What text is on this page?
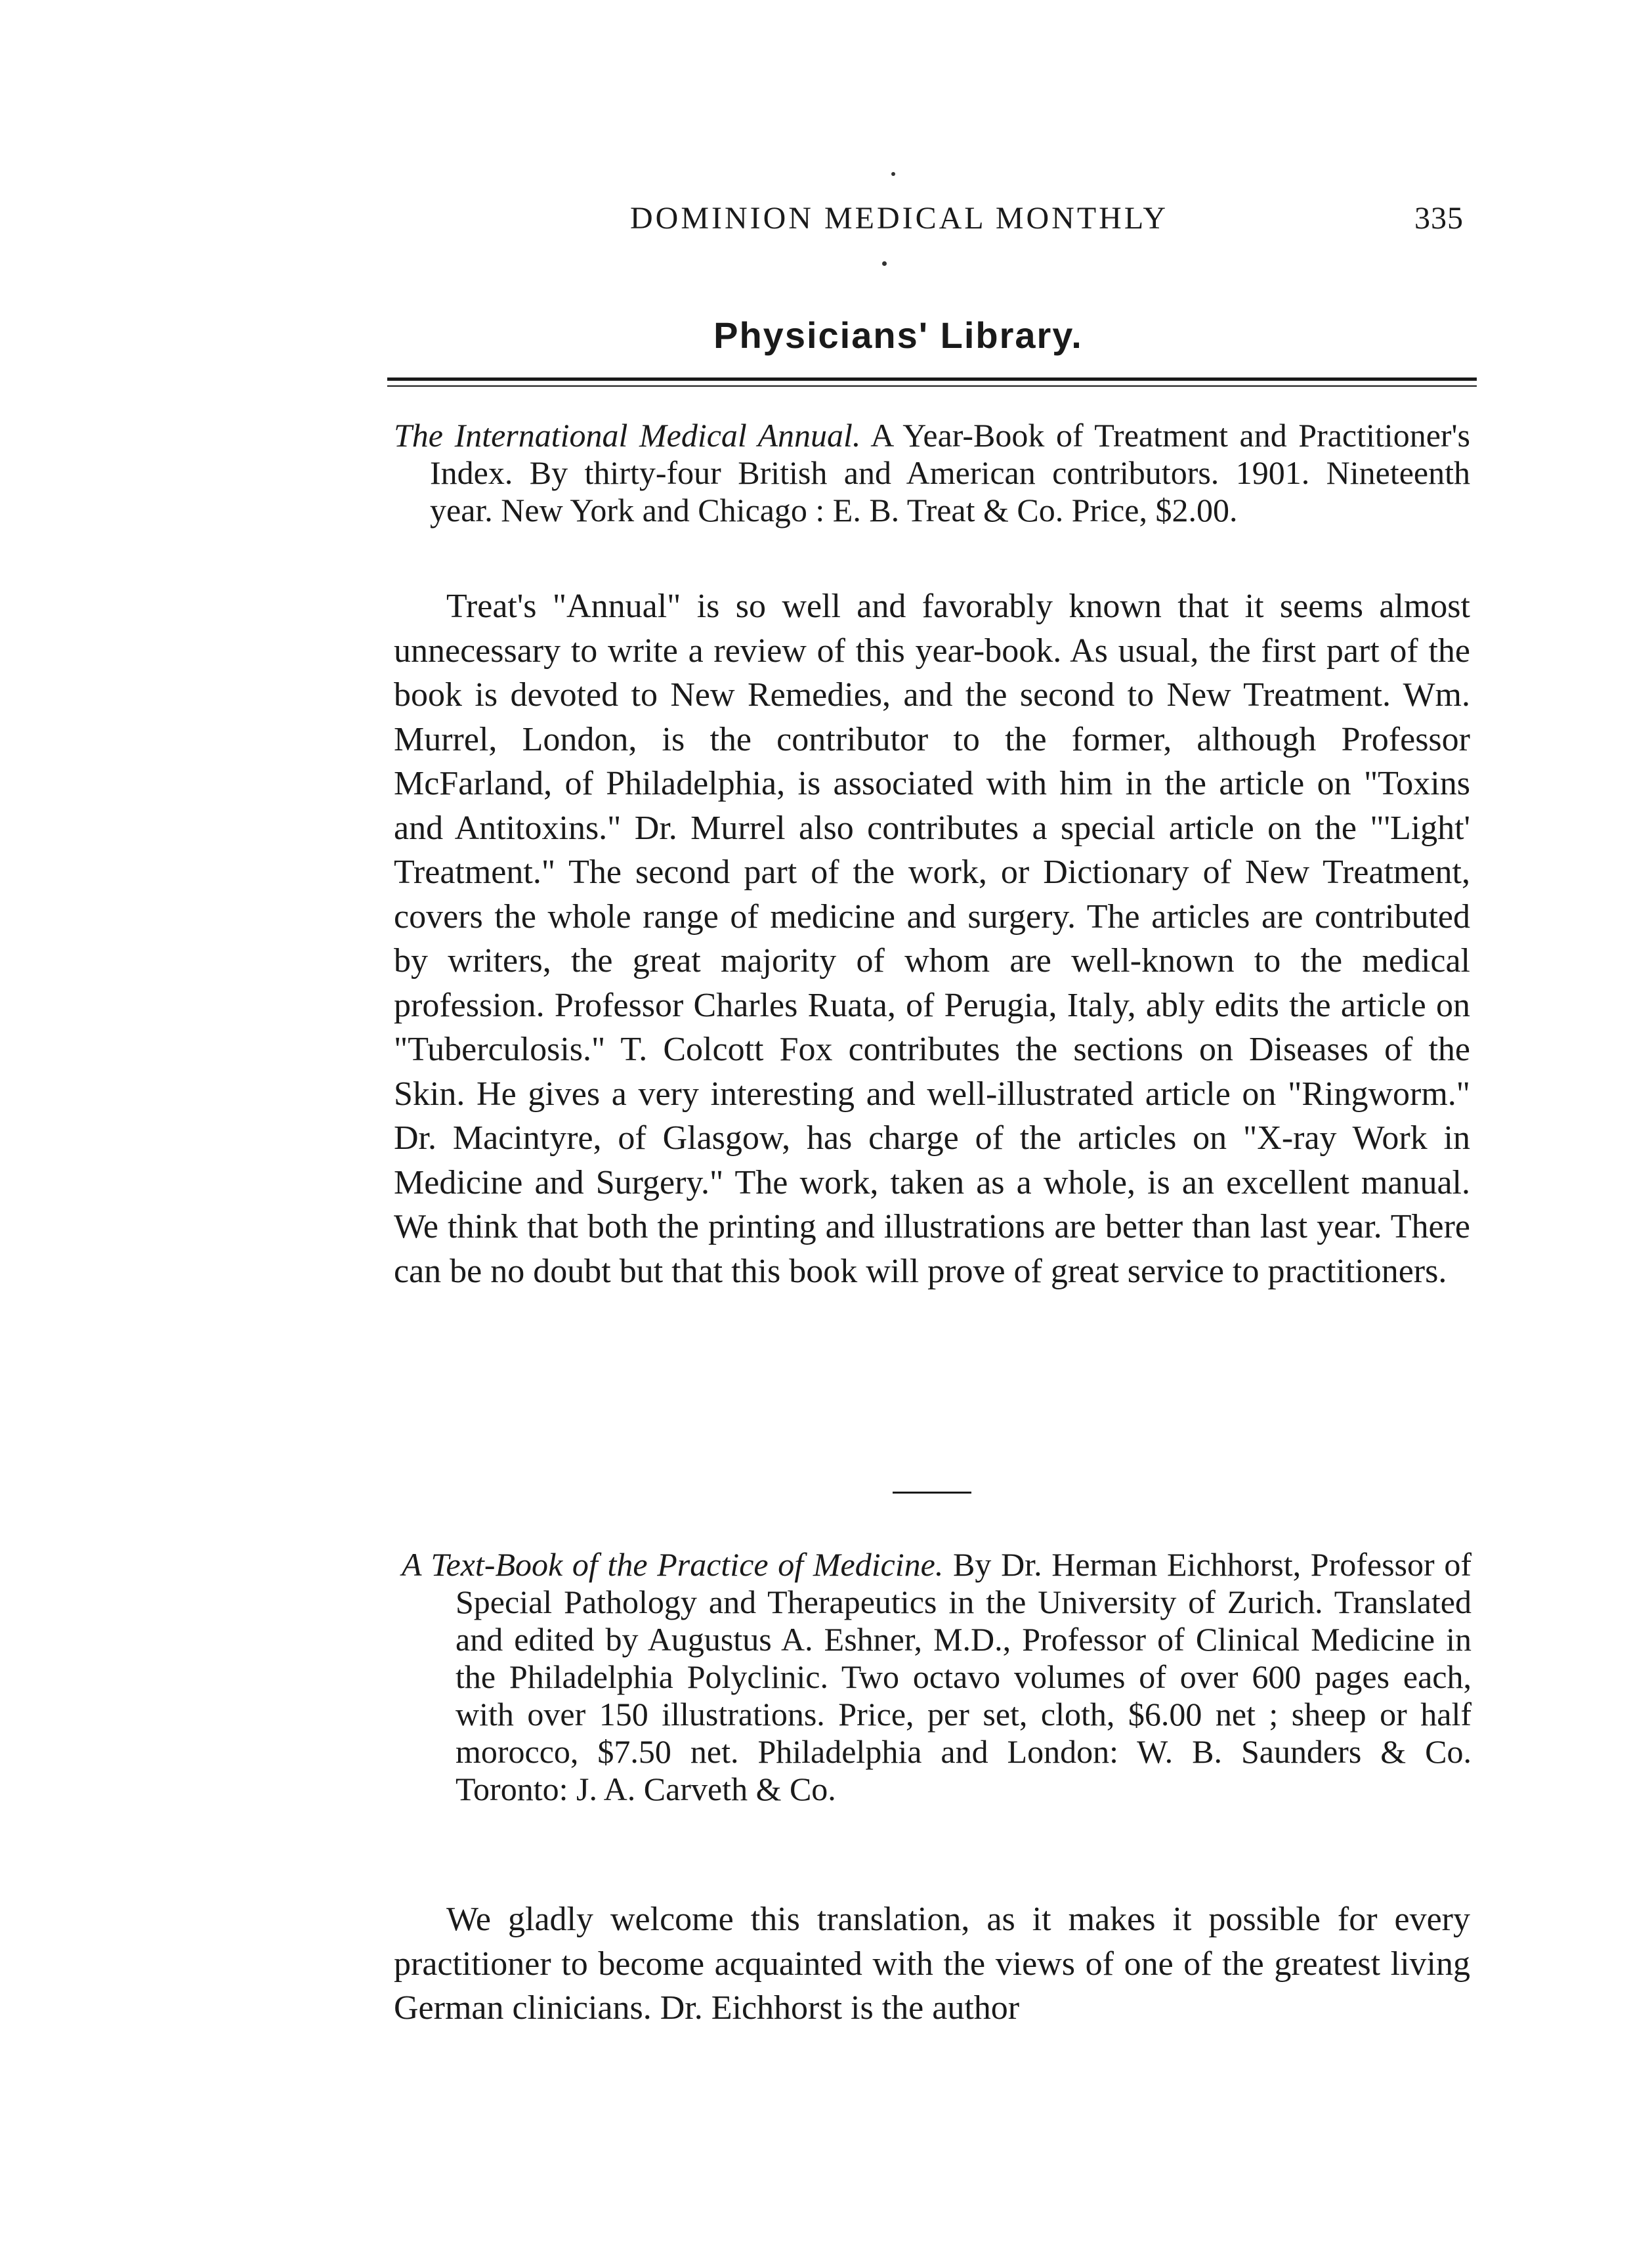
DOMINION MEDICAL MONTHLY	335
Physicians' Library.
The International Medical Annual. A Year-Book of Treatment and Practitioner's Index. By thirty-four British and American contributors. 1901. Nineteenth year. New York and Chicago : E. B. Treat & Co. Price, $2.00.
Treat's "Annual" is so well and favorably known that it seems almost unnecessary to write a review of this year-book. As usual, the first part of the book is devoted to New Remedies, and the second to New Treatment. Wm. Murrel, London, is the contributor to the former, although Professor McFarland, of Philadelphia, is associated with him in the article on "Toxins and Antitoxins." Dr. Murrel also contributes a special article on the "'Light' Treatment." The second part of the work, or Dictionary of New Treatment, covers the whole range of medicine and surgery. The articles are contributed by writers, the great majority of whom are well-known to the medical profession. Professor Charles Ruata, of Perugia, Italy, ably edits the article on "Tuberculosis." T. Colcott Fox contributes the sections on Diseases of the Skin. He gives a very interesting and well-illustrated article on "Ringworm." Dr. Macintyre, of Glasgow, has charge of the articles on "X-ray Work in Medicine and Surgery." The work, taken as a whole, is an excellent manual. We think that both the printing and illustrations are better than last year. There can be no doubt but that this book will prove of great service to practitioners.
A Text-Book of the Practice of Medicine. By Dr. Herman Eichhorst, Professor of Special Pathology and Therapeutics in the University of Zurich. Translated and edited by Augustus A. Eshner, M.D., Professor of Clinical Medicine in the Philadelphia Polyclinic. Two octavo volumes of over 600 pages each, with over 150 illustrations. Price, per set, cloth, $6.00 net ; sheep or half morocco, $7.50 net. Philadelphia and London: W. B. Saunders & Co. Toronto: J. A. Carveth & Co.
We gladly welcome this translation, as it makes it possible for every practitioner to become acquainted with the views of one of the greatest living German clinicians. Dr. Eichhorst is the author
